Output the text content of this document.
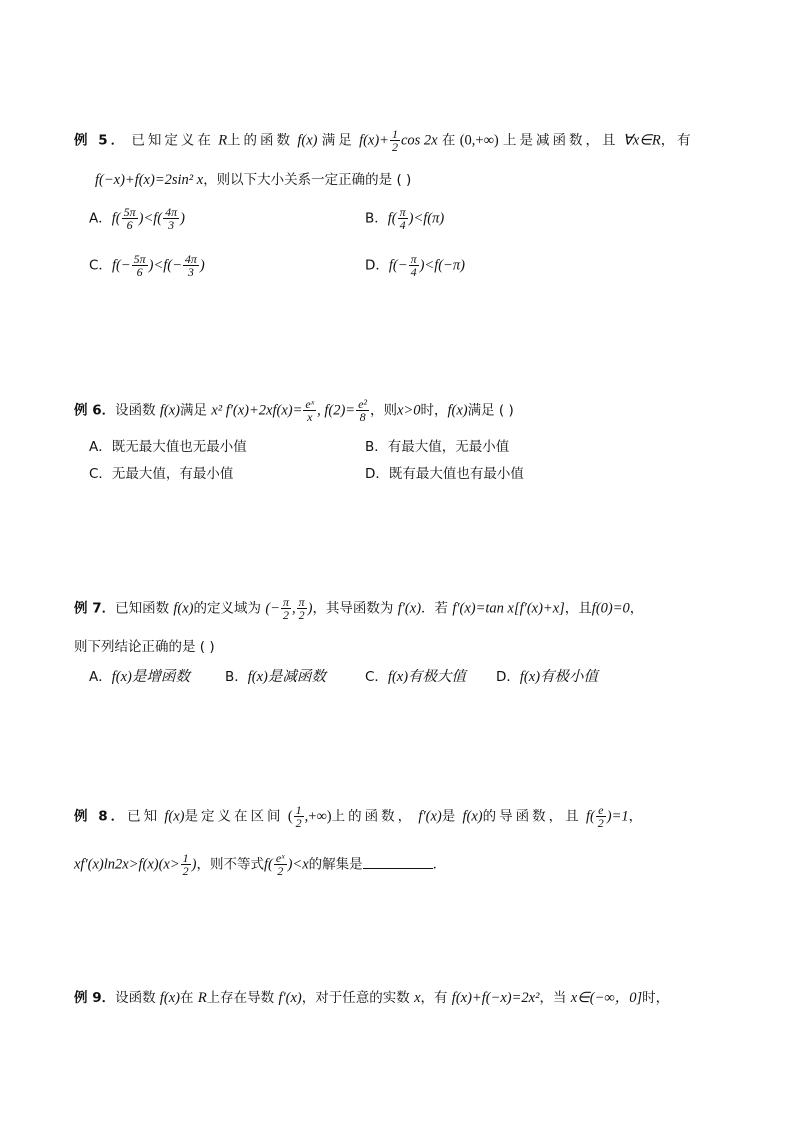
例 5． 已知定义在 R上的函数 f(x) 满足 $f(x)+ \frac{1}{2}$ cos 2x 在 (0,+∞) 上是减函数，且 ∀x∈R，有
f(−x)+f(x)=2sin² x，则以下大小关系一定正确的是 ( )
A．$f( \frac{5\pi}{6} )<f( \frac{4\pi}{3}$ )	B．$f( \frac{\pi}{4} )<f(\pi)$
C．$f(- \frac{5\pi}{6} )<f(- \frac{4\pi}{3}$ )	D．$f(- \frac{\pi}{4} )<f(-\pi)$
例 6．设函数 f(x)满足 x² $f'(x)+2xf(x)= \frac{\text{eˣ}}{x}$ , $f(2)= \frac{\text{e²}}{8}$ ，则x>0时，f(x)满足 ( )
A．既无最大值也无最小值	B．有最大值，无最小值
C．无最大值，有最小值	D．既有最大值也有最小值
例 7．已知函数 f(x)的定义域为 (− $\frac{\pi}{2}$ , $\frac{\pi}{2}$ )，其导函数为 f′(x)．若 f′(x)=tan x[f′(x)+x]，且f(0)=0，
则下列结论正确的是 ( )
A．f(x)是增函数	B．f(x)是减函数	C．f(x)有极大值 D．f(x)有极小值
例 8．已知 f(x)是定义在区间 ( $\frac{1}{2}$ ,+∞)上的函数， f′(x)是 f(x)的导函数，且 $f( \frac{e}{2} )=1$，
$xf'(x)\ln 2x>f(x)(x> \frac{1}{2}$ )，则不等式$f( \frac{\text{eˣ}}{2} )<x$的解集是	．
例 9．设函数 f(x)在 R上存在导数 f′(x)，对于任意的实数 x，有 f(x)+f(−x)=2x²，当 x∈(−∞，0]时，
